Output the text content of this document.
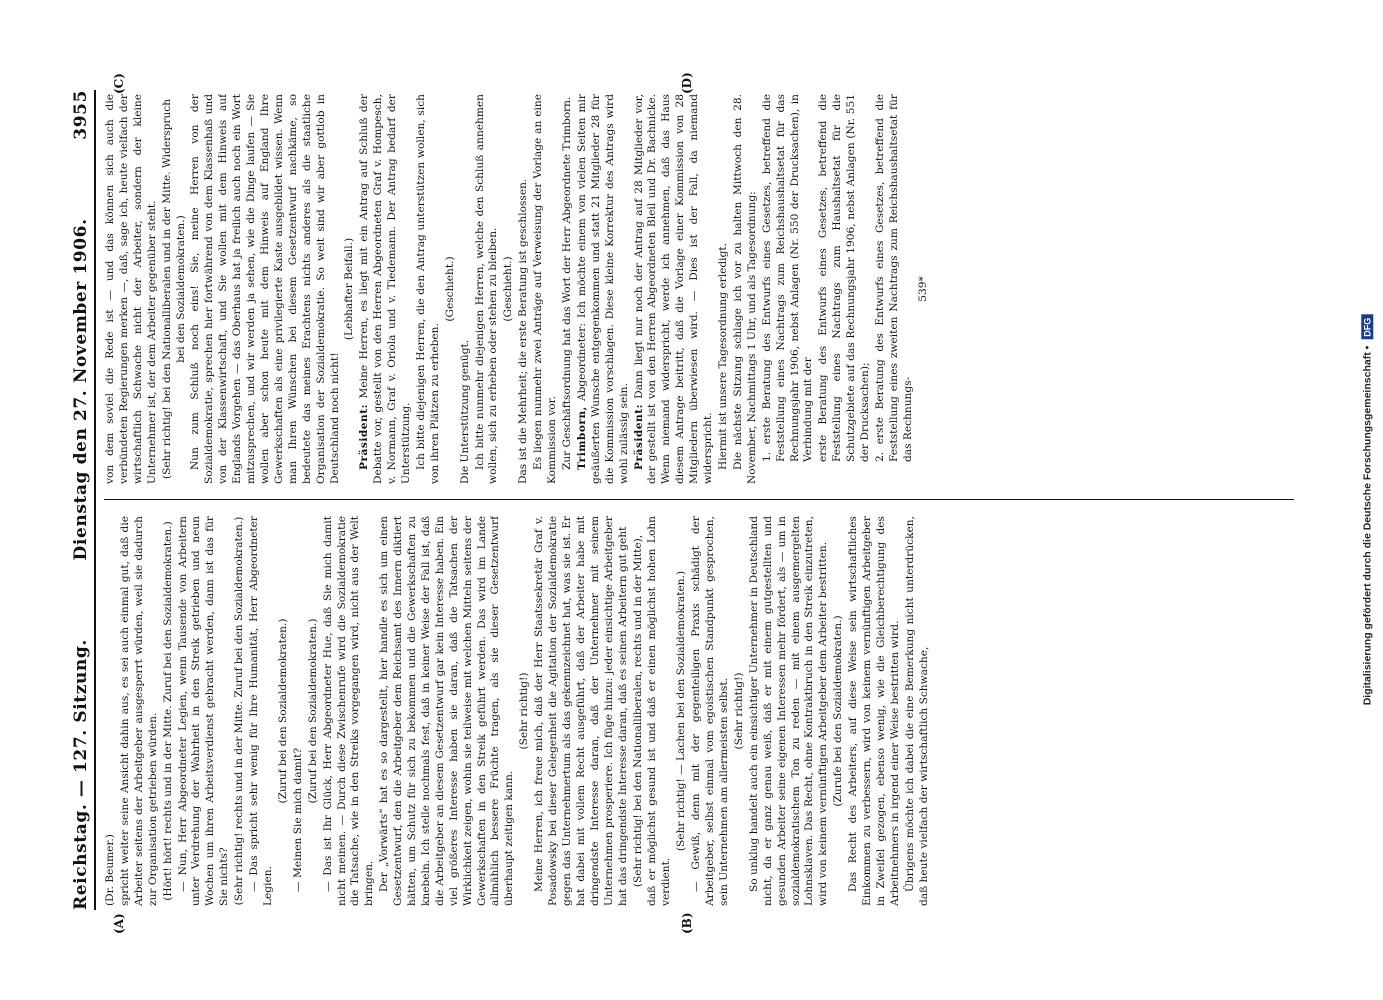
Reichstag. — 127. Sitzung.
Dienstag den 27. November 1906.
3955
(A)	(B)
(C)	(D)

(Dr. Beumer.) spricht weiter seine Ansicht dahin aus, es sei auch einmal gut, daß die Arbeiter seitens der Arbeitgeber ausgesperrt würden, weil sie dadurch zur Organisation getrieben würden. (Hört! hört! rechts und in der Mitte. Zuruf bei den Sozialdemokraten.) — Nun, Herr Abgeordneter Legien, wenn Tausende von Arbeitern unter Verdrehung der Wahrheit in den Streik getrieben und neun Wochen um ihren Arbeitsverdienst gebracht werden, dann ist das für Sie nichts? (Sehr richtig! rechts und in der Mitte. Zuruf bei den Sozialdemokraten.) — Das spricht sehr wenig für Ihre Humanität, Herr Abgeordneter Legien.

(Zuruf bei den Sozialdemokraten.)

— Meinen Sie mich damit?

(Zuruf bei den Sozialdemokraten.) — Das ist Ihr Glück, Herr Abgeordneter Hue, daß Sie mich damit nicht meinen. — Durch diese Zwischenrufe wird die Sozialdemokratie die Tatsache, wie in den Streiks vorgegangen wird, nicht aus der Welt bringen. Der „Vorwärts“ hat es so dargestellt, hier handle es sich um einen Gesetzentwurf, den die Arbeitgeber dem Reichsamt des Innern diktiert hätten, um Schutz für sich zu bekommen und die Gewerkschaften zu knebeln. Ich stelle nochmals fest, daß in keiner Weise der Fall ist, daß die Arbeitgeber an diesem Gesetzentwurf gar kein Interesse haben. Ein viel größeres Interesse haben sie daran, daß die Tatsachen der Wirklichkeit zeigen, wohin sie teilweise mit welchen Mitteln seitens der Gewerkschaften in den Streik geführt werden. Das wird im Lande allmählich bessere Früchte tragen, als sie dieser Gesetzentwurf überhaupt zeitigen kann.

(Sehr richtig!) Meine Herren, ich freue mich, daß der Herr Staatssekretär Graf v. Posadowsky bei dieser Gelegenheit die Agitation der Sozialdemokratie gegen das Unternehmertum als das gekennzeichnet hat, was sie ist. Er hat dabei mit vollem Recht ausgeführt, daß der Arbeiter habe mit dringendste Interesse daran, daß der Unternehmer mit seinem Unternehmen prosperiere. Ich füge hinzu: jeder einsichtige Arbeitgeber hat das dringendste Interesse daran, daß es seinen Arbeitern gut geht (Sehr richtig! bei den Nationalliberalen, rechts und in der Mitte), daß er möglichst gesund ist und daß er einen möglichst hohen Lohn verdient.

(Sehr richtig! — Lachen bei den Sozialdemokraten.) — Gewiß, denn mit der gegenteiligen Praxis schädigt der Arbeitgeber, selbst einmal vom egoistischen Standpunkt gesprochen, sein Unternehmen am allermeisten selbst. (Sehr richtig!) So unklug handelt auch ein einsichtiger Unternehmer in Deutschland nicht, da er ganz genau weiß, daß er mit einem gutgestellten und gesunden Arbeiter seine eigenen Interessen mehr fördert, als — um in sozialdemokratischem Ton zu reden — mit einem ausgemergelten Lohnsklaven. Das Recht, ohne Kontraktbruch in den Streik einzutreten, wird von keinem vernünftigen Arbeitgeber dem Arbeiter bestritten. (Zurufe bei den Sozialdemokraten.) Das Recht des Arbeiters, auf diese Weise sein wirtschaftliches Einkommen zu verbessern, wird von keinem vernünftigen Arbeitgeber in Zweifel gezogen, ebenso wenig, wie die Gleichberechtigung des Arbeitnehmers in irgend einer Weise bestritten wird. Übrigens möchte ich dabei die eine Bemerkung nicht unterdrücken, daß heute vielfach der wirtschaftlich Schwache,

von dem soviel die Rede ist — und das können sich auch die verbündeten Regierungen merken —, daß, sage ich, heute vielfach der wirtschaftlich Schwache nicht der Arbeiter, sondern der kleine Unternehmer ist, der dem Arbeiter gegenüber steht. (Sehr richtig! bei den Nationalliberalen und in der Mitte. Widerspruch bei den Sozialdemokraten.) Nun zum Schluß noch eins! Sie, meine Herren von der Sozialdemokratie, sprechen hier fortwährend von dem Klassenhaß und von der Klassenwirtschaft, und Sie wollen mit dem Hinweis auf Englands Vorgehen — das Oberhaus hat ja freilich auch noch ein Wort mitzusprechen, und wir werden ja sehen, wie die Dinge laufen — Sie wollen aber schon heute mit dem Hinweis auf England Ihre Gewerkschaften als eine privilegierte Kaste ausgebildet wissen. Wenn man Ihren Wünschen bei diesem Gesetzentwurf nachkäme, so bedeutete das meines Erachtens nichts anderes als die staatliche Organisation der Sozialdemokratie. So weit sind wir aber gottlob in Deutschland noch nicht!

(Lebhafter Beifall.)

Präsident: Meine Herren, es liegt mit ein Antrag auf Schluß der Debatte vor, gestellt von den Herren Abgeordneten Graf v. Hompesch, v. Normann, Graf v. Oriola und v. Tiedemann. Der Antrag bedarf der Unterstützung. Ich bitte diejenigen Herren, die den Antrag unterstützen wollen, sich von ihren Plätzen zu erheben.

(Geschieht.)

Die Unterstützung genügt. Ich bitte nunmehr diejenigen Herren, welche den Schluß annehmen wollen, sich zu erheben oder stehen zu bleiben. (Geschieht.) Das ist die Mehrheit; die erste Beratung ist geschlossen. Es liegen nunmehr zwei Anträge auf Verweisung der Vorlage an eine Kommission vor. Zur Geschäftsordnung hat das Wort der Herr Abgeordnete Trimborn. Trimborn, Abgeordneter: Ich möchte einem von vielen Seiten mir geäußerten Wunsche entgegenkommen und statt 21 Mitglieder 28 für die Kommission vorschlagen. Diese kleine Korrektur des Antrags wird wohl zulässig sein. Präsident: Dann liegt nur noch der Antrag auf 28 Mitglieder vor, der gestellt ist von den Herren Abgeordneten Bleil und Dr. Bachnicke. Wenn niemand widerspricht, werde ich annehmen, daß das Haus diesem Antrage beitritt, daß die Vorlage einer Kommission von 28 Mitgliedern überwiesen wird. — Dies ist der Fall, da niemand widerspricht. Hiermit ist unsere Tagesordnung erledigt. Die nächste Sitzung schlage ich vor zu halten Mittwoch den 28. November, Nachmittags 1 Uhr, und als Tagesordnung: 1. erste Beratung des Entwurfs eines Gesetzes, betreffend die Feststellung eines Nachtrags zum Reichshaushaltsetat für das Rechnungsjahr 1906, nebst Anlagen (Nr. 550 der Drucksachen), in Verbindung mit der erste Beratung des Entwurfs eines Gesetzes, betreffend die Feststellung eines Nachtrags zum Haushaltsetat für die Schutzgebiete auf das Rechnungsjahr 1906, nebst Anlagen (Nr. 551 der Drucksachen); 2. erste Beratung des Entwurfs eines Gesetzes, betreffend die Feststellung eines zweiten Nachtrags zum Reichshaushaltsetat für das Rechnungs-

539*

Digitalisierung gefördert durch die Deutsche Forschungsgemeinschaft •
DFG
